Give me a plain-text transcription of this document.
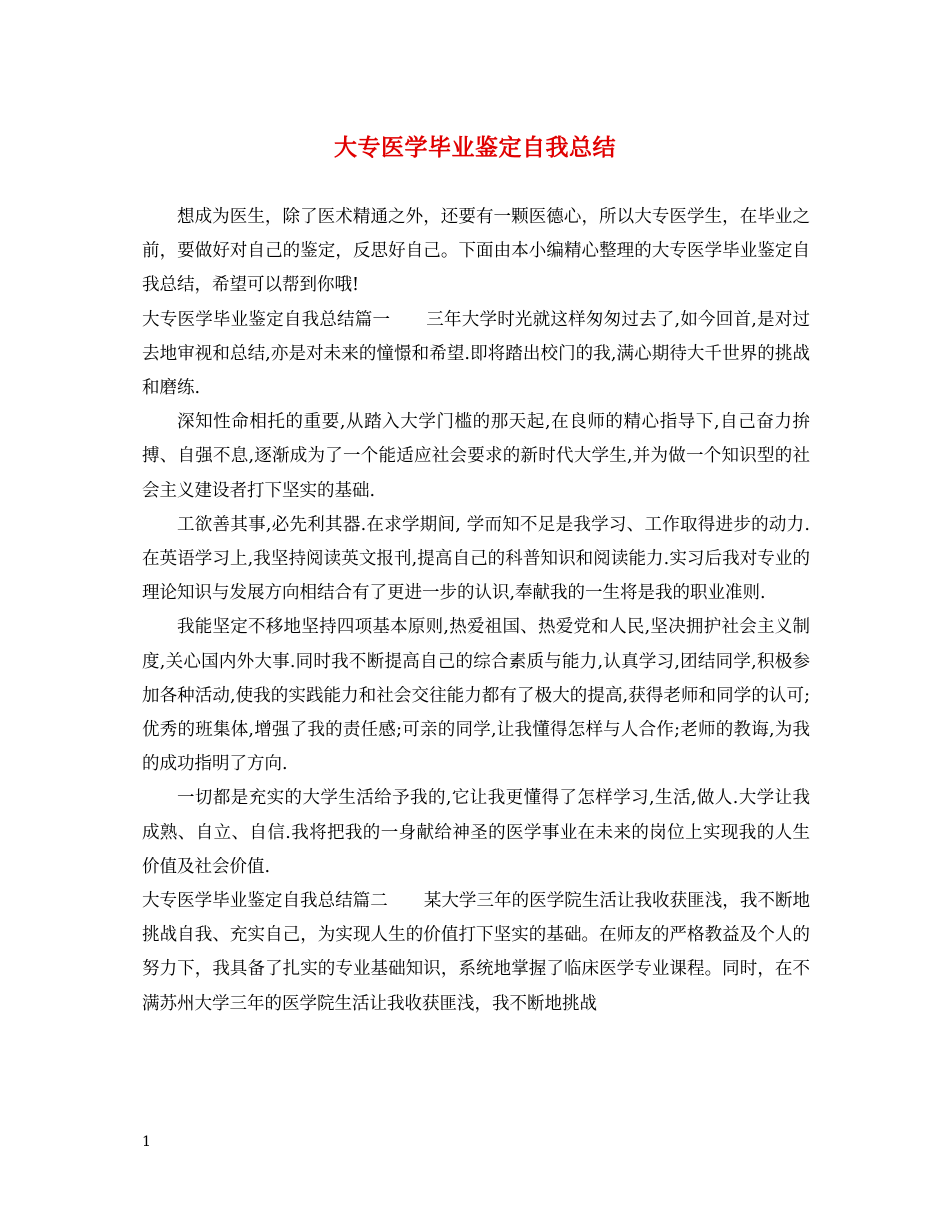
大专医学毕业鉴定自我总结

想成为医生，除了医术精通之外，还要有一颗医德心，所以大专医学生，在毕业之前，要做好对自己的鉴定，反思好自己。下面由本小编精心整理的大专医学毕业鉴定自我总结，希望可以帮到你哦!

大专医学毕业鉴定自我总结篇一 三年大学时光就这样匆匆过去了,如今回首,是对过去地审视和总结,亦是对未来的憧憬和希望.即将踏出校门的我,满心期待大千世界的挑战和磨练.

深知性命相托的重要,从踏入大学门槛的那天起,在良师的精心指导下,自己奋力拚搏、自强不息,逐渐成为了一个能适应社会要求的新时代大学生,并为做一个知识型的社会主义建设者打下坚实的基础.

工欲善其事,必先利其器.在求学期间, 学而知不足是我学习、工作取得进步的动力. 在英语学习上,我坚持阅读英文报刊,提高自己的科普知识和阅读能力.实习后我对专业的理论知识与发展方向相结合有了更进一步的认识,奉献我的一生将是我的职业准则.

我能坚定不移地坚持四项基本原则,热爱祖国、热爱党和人民,坚决拥护社会主义制度,关心国内外大事.同时我不断提高自己的综合素质与能力,认真学习,团结同学,积极参加各种活动,使我的实践能力和社会交往能力都有了极大的提高,获得老师和同学的认可;优秀的班集体,增强了我的责任感;可亲的同学,让我懂得怎样与人合作;老师的教诲,为我的成功指明了方向.

一切都是充实的大学生活给予我的,它让我更懂得了怎样学习,生活,做人.大学让我成熟、自立、自信.我将把我的一身献给神圣的医学事业在未来的岗位上实现我的人生价值及社会价值.

大专医学毕业鉴定自我总结篇二 某大学三年的医学院生活让我收获匪浅，我不断地挑战自我、充实自己，为实现人生的价值打下坚实的基础。在师友的严格教益及个人的努力下，我具备了扎实的专业基础知识，系统地掌握了临床医学专业课程。同时，在不满苏州大学三年的医学院生活让我收获匪浅，我不断地挑战

1
